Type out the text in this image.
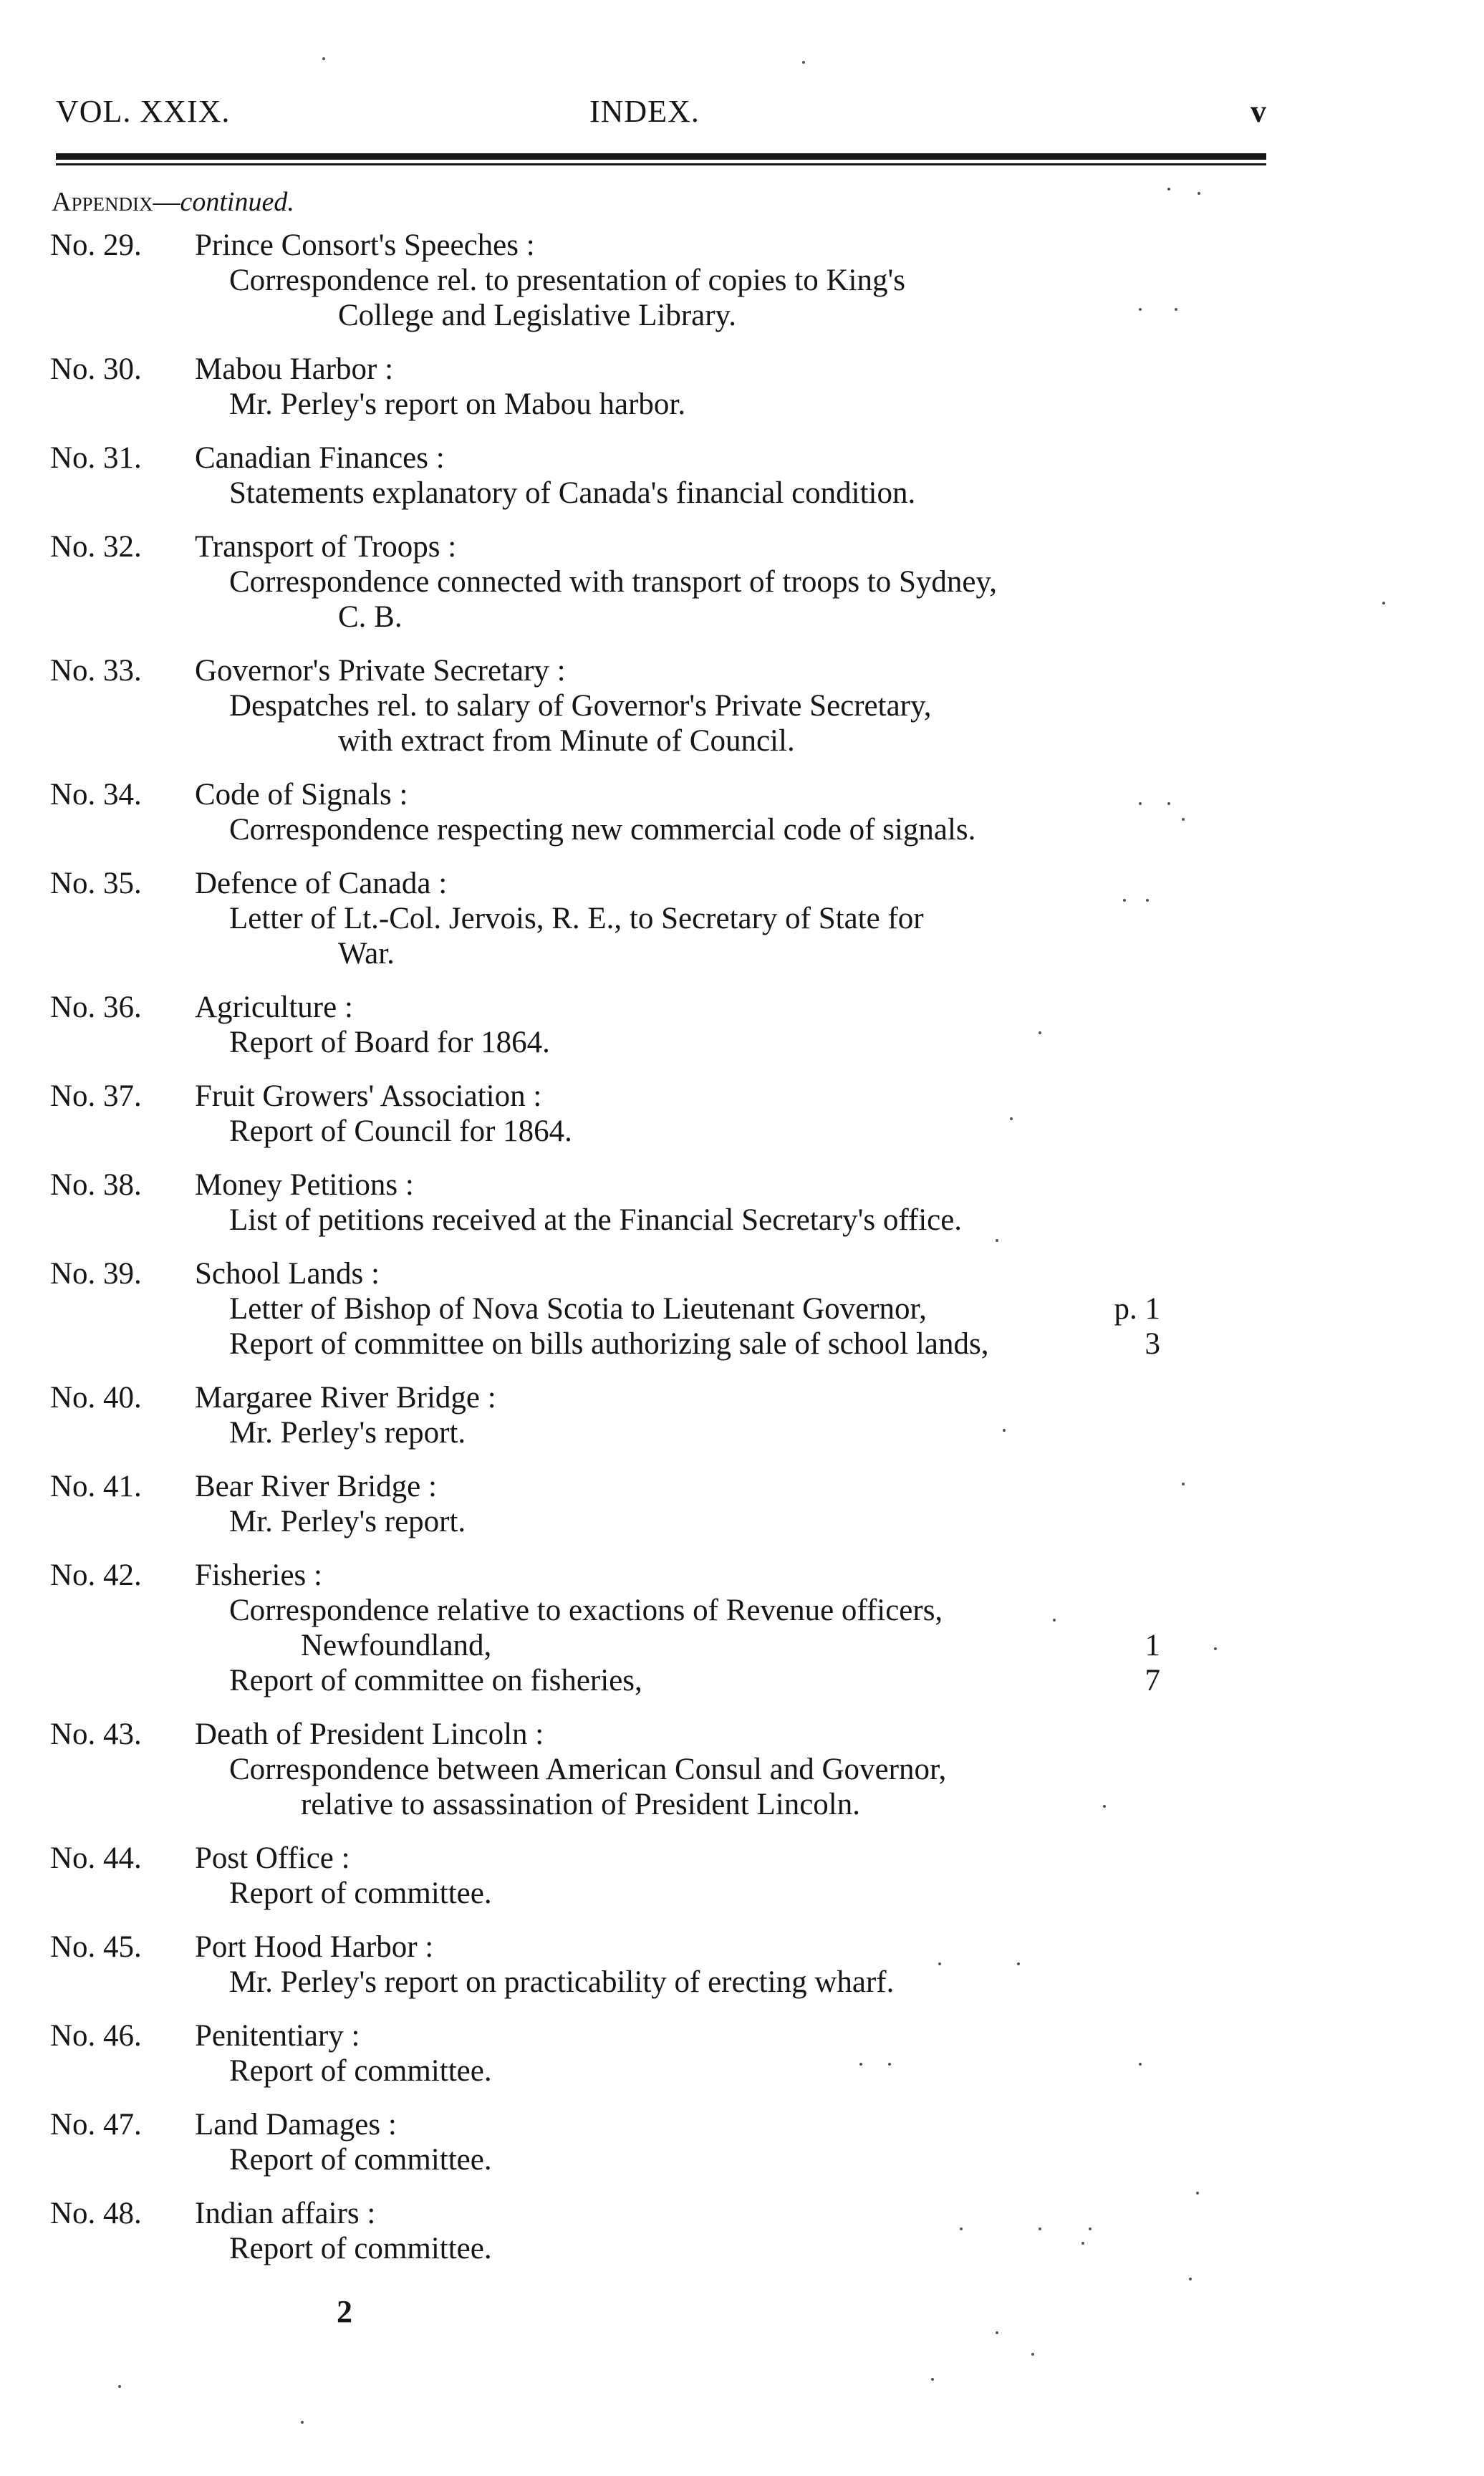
VOL. XXIX.	INDEX.	v
Appendix—continued.
No. 29.	Prince Consort's Speeches :
Correspondence rel. to presentation of copies to King's
College and Legislative Library.
No. 30.	Mabou Harbor :
Mr. Perley's report on Mabou harbor.
No. 31.	Canadian Finances :
Statements explanatory of Canada's financial condition.
No. 32.	Transport of Troops :
Correspondence connected with transport of troops to Sydney,
C. B.
No. 33.	Governor's Private Secretary :
Despatches rel. to salary of Governor's Private Secretary,
with extract from Minute of Council.
No. 34.	Code of Signals :
Correspondence respecting new commercial code of signals.
No. 35.	Defence of Canada :
Letter of Lt.-Col. Jervois, R. E., to Secretary of State for
War.
No. 36.	Agriculture :
Report of Board for 1864.
No. 37.	Fruit Growers' Association :
Report of Council for 1864.
No. 38.	Money Petitions :
List of petitions received at the Financial Secretary's office.
No. 39.	School Lands :
Letter of Bishop of Nova Scotia to Lieutenant Governor,	p. 1
Report of committee on bills authorizing sale of school lands,	3
No. 40.	Margaree River Bridge :
Mr. Perley's report.
No. 41.	Bear River Bridge :
Mr. Perley's report.
No. 42.	Fisheries :
Correspondence relative to exactions of Revenue officers,
Newfoundland,	1
Report of committee on fisheries,	7
No. 43.	Death of President Lincoln :
Correspondence between American Consul and Governor,
relative to assassination of President Lincoln.
No. 44.	Post Office :
Report of committee.
No. 45.	Port Hood Harbor :
Mr. Perley's report on practicability of erecting wharf.
No. 46.	Penitentiary :
Report of committee.
No. 47.	Land Damages :
Report of committee.
No. 48.	Indian affairs :
Report of committee.
2
